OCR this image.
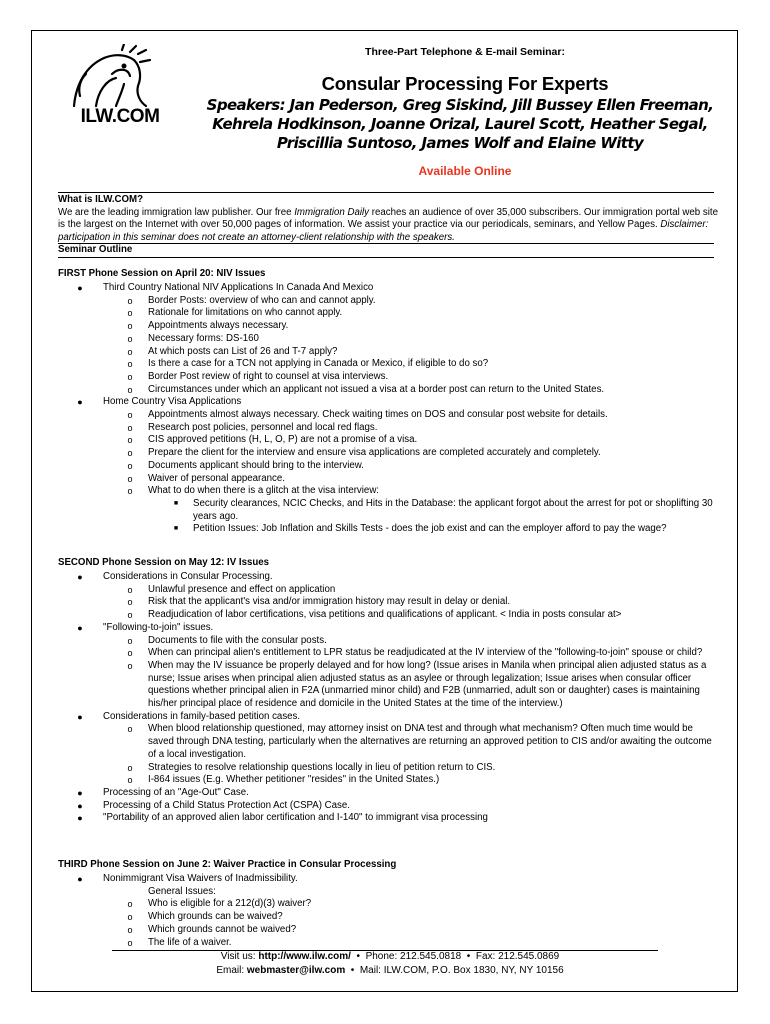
ILW.COM
Three-Part Telephone & E-mail Seminar:
Consular Processing For Experts
Speakers: Jan Pederson, Greg Siskind, Jill Bussey Ellen Freeman, Kehrela Hodkinson, Joanne Orizal, Laurel Scott, Heather Segal, Priscillia Suntoso, James Wolf and Elaine Witty
Available Online
What is ILW.COM?
We are the leading immigration law publisher. Our free Immigration Daily reaches an audience of over 35,000 subscribers. Our immigration portal web site is the largest on the Internet with over 50,000 pages of information. We assist your practice via our periodicals, seminars, and Yellow Pages. Disclaimer: participation in this seminar does not create an attorney-client relationship with the speakers.
Seminar Outline
FIRST Phone Session on April 20: NIV Issues
●	Third Country National NIV Applications In Canada And Mexico
o	Border Posts: overview of who can and cannot apply.
o	Rationale for limitations on who cannot apply.
o	Appointments always necessary.
o	Necessary forms: DS-160
o	At which posts can List of 26 and T-7 apply?
o	Is there a case for a TCN not applying in Canada or Mexico, if eligible to do so?
o	Border Post review of right to counsel at visa interviews.
o	Circumstances under which an applicant not issued a visa at a border post can return to the United States.
●	Home Country Visa Applications
o	Appointments almost always necessary. Check waiting times on DOS and consular post website for details.
o	Research post policies, personnel and local red flags.
o	CIS approved petitions (H, L, O, P) are not a promise of a visa.
o	Prepare the client for the interview and ensure visa applications are completed accurately and completely.
o	Documents applicant should bring to the interview.
o	Waiver of personal appearance.
o	What to do when there is a glitch at the visa interview:
■	Security clearances, NCIC Checks, and Hits in the Database: the applicant forgot about the arrest for pot or shoplifting 30 years ago.
■	Petition Issues: Job Inflation and Skills Tests - does the job exist and can the employer afford to pay the wage?
SECOND Phone Session on May 12: IV Issues
●	Considerations in Consular Processing.
o	Unlawful presence and effect on application
o	Risk that the applicant's visa and/or immigration history may result in delay or denial.
o	Readjudication of labor certifications, visa petitions and qualifications of applicant. < India in posts consular at>
●	"Following-to-join" issues.
o	Documents to file with the consular posts.
o	When can principal alien's entitlement to LPR status be readjudicated at the IV interview of the "following-to-join" spouse or child?
o	When may the IV issuance be properly delayed and for how long? (Issue arises in Manila when principal alien adjusted status as a nurse; Issue arises when principal alien adjusted status as an asylee or through legalization; Issue arises when consular officer questions whether principal alien in F2A (unmarried minor child) and F2B (unmarried, adult son or daughter) cases is maintaining his/her principal place of residence and domicile in the United States at the time of the interview.)
●	Considerations in family-based petition cases.
o	When blood relationship questioned, may attorney insist on DNA test and through what mechanism? Often much time would be saved through DNA testing, particularly when the alternatives are returning an approved petition to CIS and/or awaiting the outcome of a local investigation.
o	Strategies to resolve relationship questions locally in lieu of petition return to CIS.
o	I-864 issues (E.g. Whether petitioner "resides" in the United States.)
●	Processing of an "Age-Out" Case.
●	Processing of a Child Status Protection Act (CSPA) Case.
●	"Portability of an approved alien labor certification and I-140" to immigrant visa processing
THIRD Phone Session on June 2: Waiver Practice in Consular Processing
●	Nonimmigrant Visa Waivers of Inadmissibility.
General Issues:
o	Who is eligible for a 212(d)(3) waiver?
o	Which grounds can be waived?
o	Which grounds cannot be waived?
o	The life of a waiver.
Visit us: http://www.ilw.com/  •  Phone: 212.545.0818  •  Fax: 212.545.0869
Email: webmaster@ilw.com  •  Mail: ILW.COM, P.O. Box 1830, NY, NY 10156
